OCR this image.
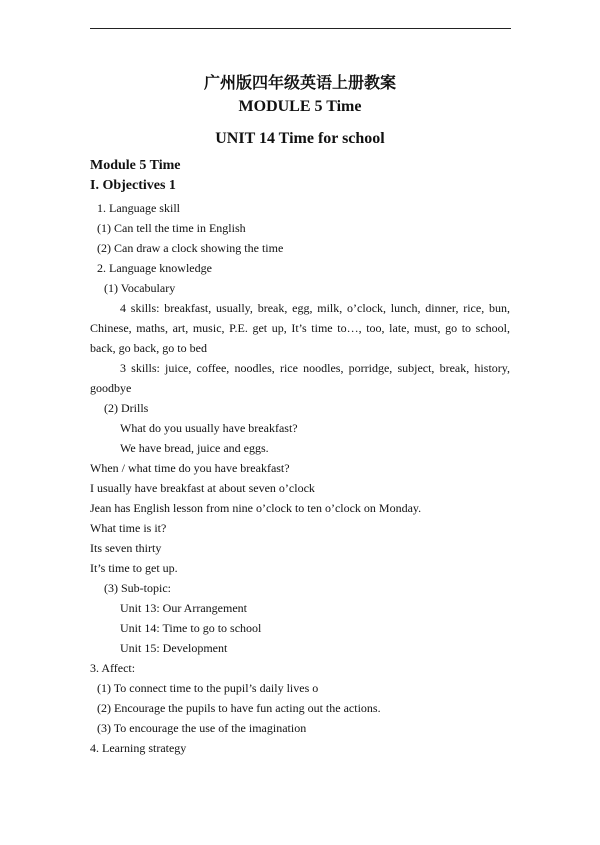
广州版四年级英语上册教案
MODULE 5 Time
UNIT 14 Time for school
Module 5 Time
I. Objectives 1
1. Language skill
(1) Can tell the time in English
(2) Can draw a clock showing the time
2. Language knowledge
(1) Vocabulary
4 skills: breakfast, usually, break, egg, milk, o’clock, lunch, dinner, rice, bun,
Chinese, maths, art, music, P.E. get up, It’s time to…, too, late, must, go to school,
back, go back, go to bed
3 skills: juice, coffee, noodles, rice noodles, porridge, subject, break, history,
goodbye
(2) Drills
What do you usually have breakfast?
We have bread, juice and eggs.
When / what time do you have breakfast?
I usually have breakfast at about seven o’clock
Jean has English lesson from nine o’clock to ten o’clock on Monday.
What time is it?
Its seven thirty
It’s time to get up.
(3) Sub-topic:
Unit 13: Our Arrangement
Unit 14: Time to go to school
Unit 15: Development
3. Affect:
(1) To connect time to the pupil’s daily lives o
(2) Encourage the pupils to have fun acting out the actions.
(3) To encourage the use of the imagination
4. Learning strategy
